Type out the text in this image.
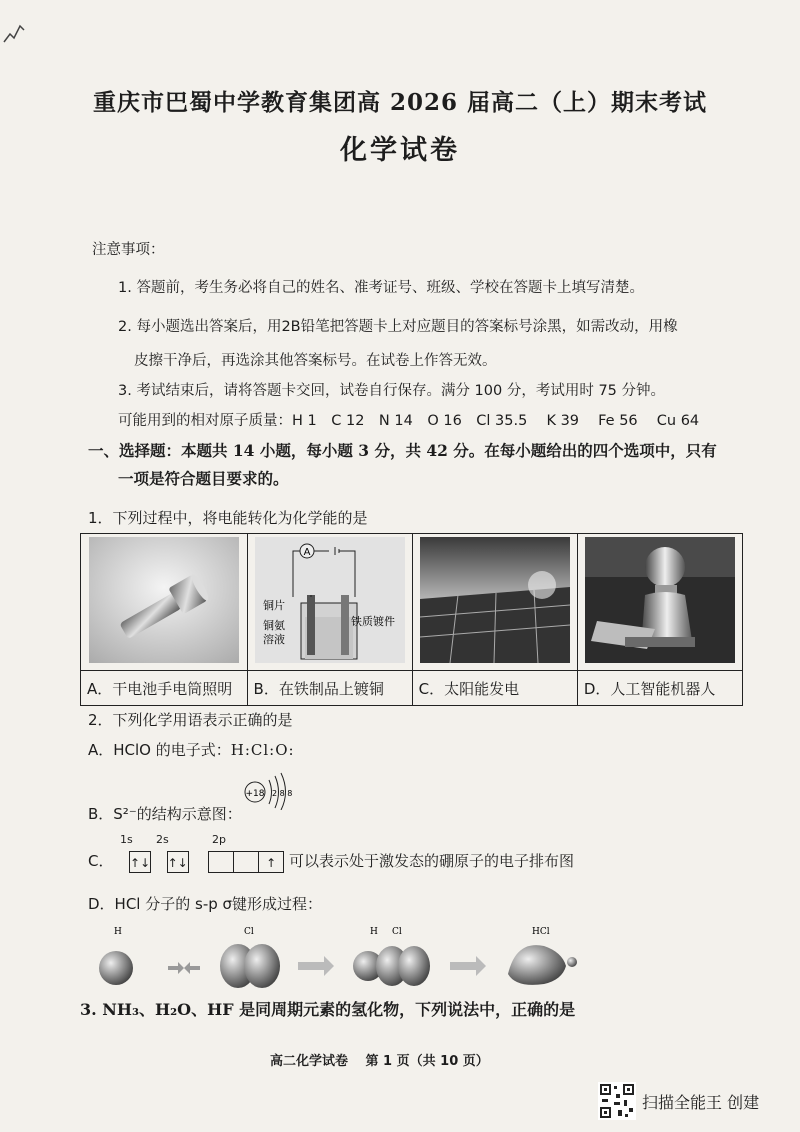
重庆市巴蜀中学教育集团高 2026 届高二（上）期末考试
化学试卷
注意事项：
1. 答题前，考生务必将自己的姓名、准考证号、班级、学校在答题卡上填写清楚。
2. 每小题选出答案后，用2B铅笔把答题卡上对应题目的答案标号涂黑，如需改动，用橡
皮擦干净后，再选涂其他答案标号。在试卷上作答无效。
3. 考试结束后，请将答题卡交回，试卷自行保存。满分 100 分，考试用时 75 分钟。
可能用到的相对原子质量：H 1　C 12　N 14　O 16　Cl 35.5　 K 39　 Fe 56　 Cu 64
一、选择题：本题共 14 小题，每小题 3 分，共 42 分。在每小题给出的四个选项中，只有
一项是符合题目要求的。
1．下列过程中，将电能转化为化学能的是

A
铜片
铜氨
溶液
铁质镀件

A．干电池手电筒照明	B．在铁制品上镀铜	C．太阳能发电	D．人工智能机器人
2．下列化学用语表示正确的是
A．HClO 的电子式：H:Cl:O:
+18 2 8 8
B．S²⁻的结构示意图：
1s 2s	2p
C． ↑↓ ↑↓	↑ 可以表示处于激发态的硼原子的电子排布图
D．HCl 分子的 s-p σ键形成过程：
H	Cl	H Cl	HCl
3. NH₃、H₂O、HF 是同周期元素的氢化物，下列说法中，正确的是
高二化学试卷　 第 1 页（共 10 页）
扫描全能王 创建
